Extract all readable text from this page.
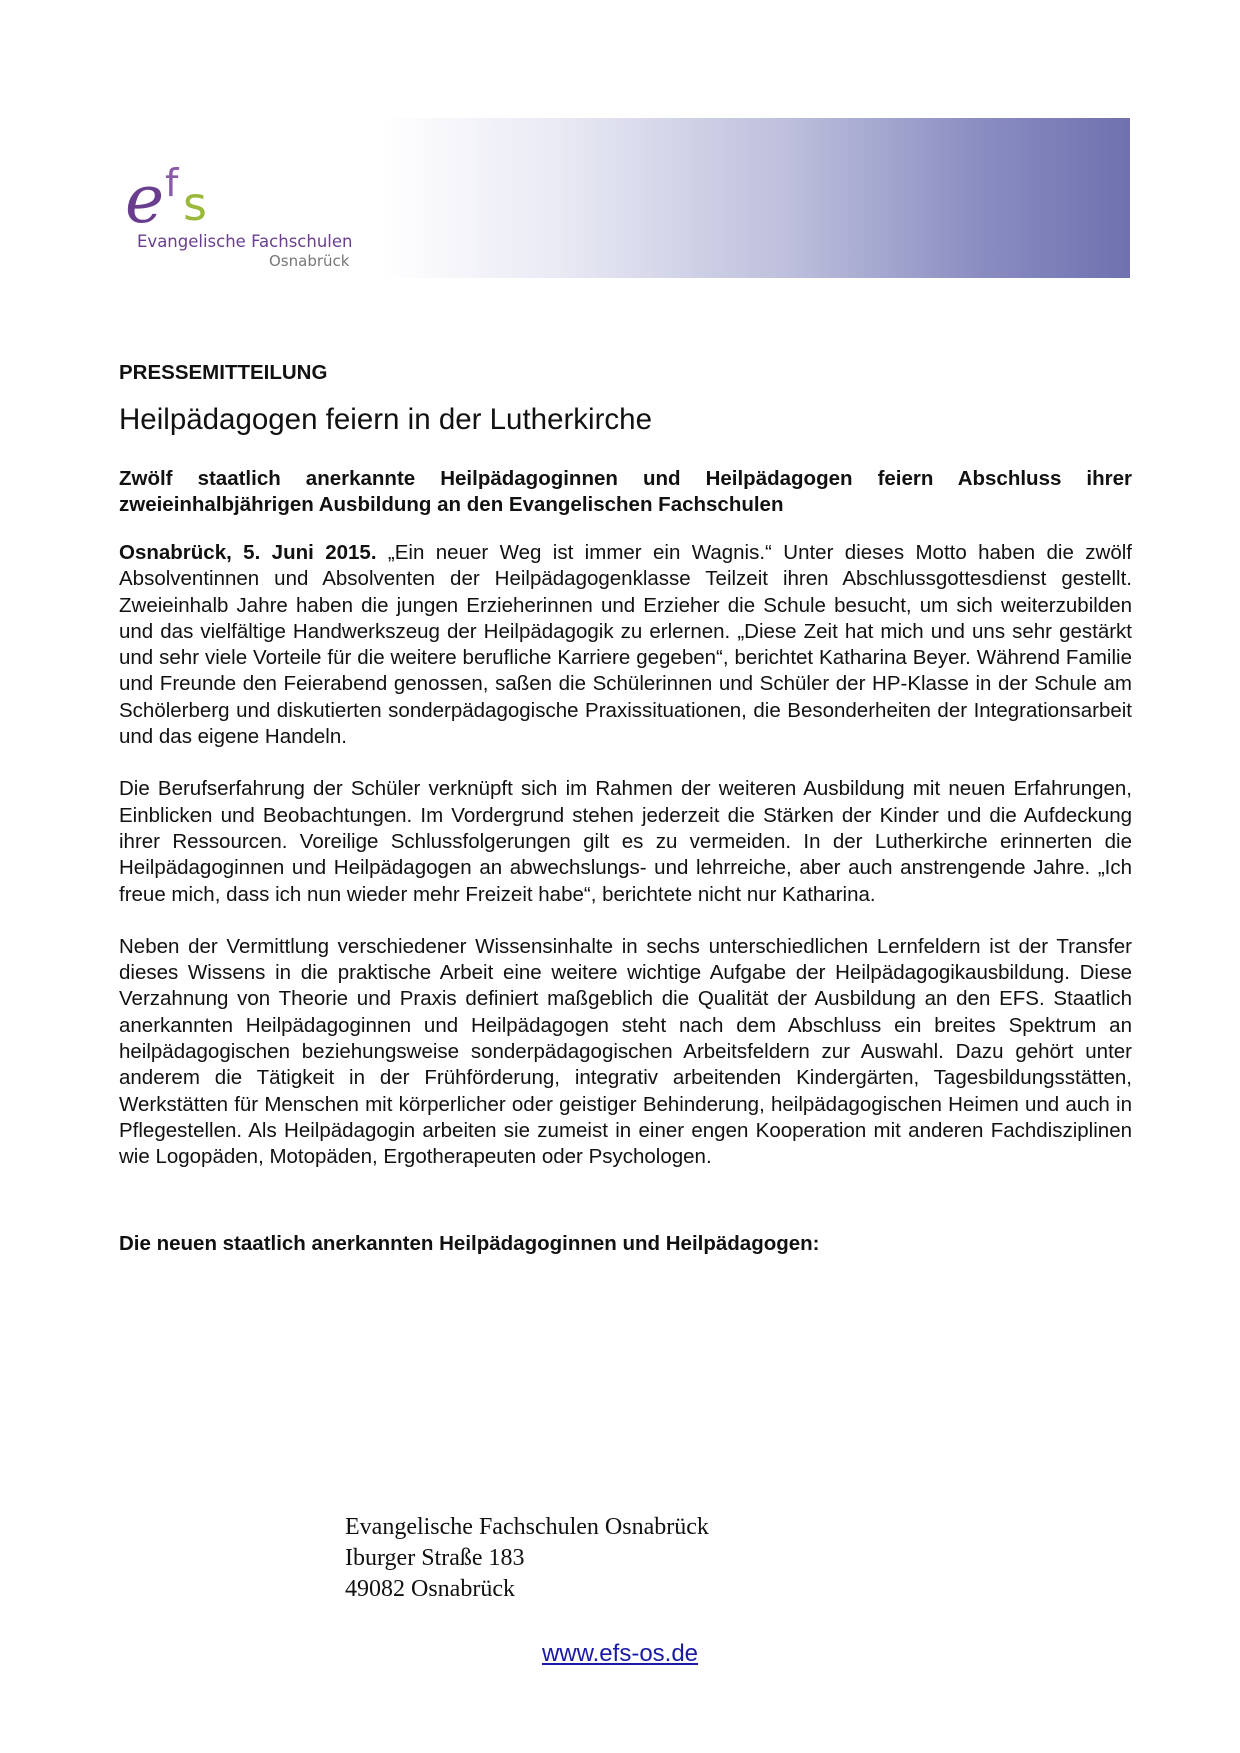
e f s
Evangelische Fachschulen
Osnabrück
PRESSEMITTEILUNG
Heilpädagogen feiern in der Lutherkirche
Zwölf staatlich anerkannte Heilpädagoginnen und Heilpädagogen feiern Abschluss ihrer zweieinhalbjährigen Ausbildung an den Evangelischen Fachschulen

Osnabrück, 5. Juni 2015. „Ein neuer Weg ist immer ein Wagnis.“ Unter dieses Motto haben die zwölf Absolventinnen und Absolventen der Heilpädagogenklasse Teilzeit ihren Abschlussgottesdienst gestellt. Zweieinhalb Jahre haben die jungen Erzieherinnen und Erzieher die Schule besucht, um sich weiterzubilden und das vielfältige Handwerkszeug der Heilpädagogik zu erlernen. „Diese Zeit hat mich und uns sehr gestärkt und sehr viele Vorteile für die weitere berufliche Karriere gegeben“, berichtet Katharina Beyer. Während Familie und Freunde den Feierabend genossen, saßen die Schülerinnen und Schüler der HP-Klasse in der Schule am Schölerberg und diskutierten sonderpädagogische Praxissituationen, die Besonderheiten der Integrationsarbeit und das eigene Handeln.

Die Berufserfahrung der Schüler verknüpft sich im Rahmen der weiteren Ausbildung mit neuen Erfahrungen, Einblicken und Beobachtungen. Im Vordergrund stehen jederzeit die Stärken der Kinder und die Aufdeckung ihrer Ressourcen. Voreilige Schlussfolgerungen gilt es zu vermeiden. In der Lutherkirche erinnerten die Heilpädagoginnen und Heilpädagogen an abwechslungs- und lehrreiche, aber auch anstrengende Jahre. „Ich freue mich, dass ich nun wieder mehr Freizeit habe“, berichtete nicht nur Katharina.

Neben der Vermittlung verschiedener Wissensinhalte in sechs unterschiedlichen Lernfeldern ist der Transfer dieses Wissens in die praktische Arbeit eine weitere wichtige Aufgabe der Heilpädagogikausbildung. Diese Verzahnung von Theorie und Praxis definiert maßgeblich die Qualität der Ausbildung an den EFS. Staatlich anerkannten Heilpädagoginnen und Heilpädagogen steht nach dem Abschluss ein breites Spektrum an heilpädagogischen beziehungsweise sonderpädagogischen Arbeitsfeldern zur Auswahl. Dazu gehört unter anderem die Tätigkeit in der Frühförderung, integrativ arbeitenden Kindergärten, Tagesbildungsstätten, Werkstätten für Menschen mit körperlicher oder geistiger Behinderung, heilpädagogischen Heimen und auch in Pflegestellen. Als Heilpädagogin arbeiten sie zumeist in einer engen Kooperation mit anderen Fachdisziplinen wie Logopäden, Motopäden, Ergotherapeuten oder Psychologen.

Die neuen staatlich anerkannten Heilpädagoginnen und Heilpädagogen:
Evangelische Fachschulen Osnabrück
Iburger Straße 183
49082 Osnabrück
www.efs-os.de
